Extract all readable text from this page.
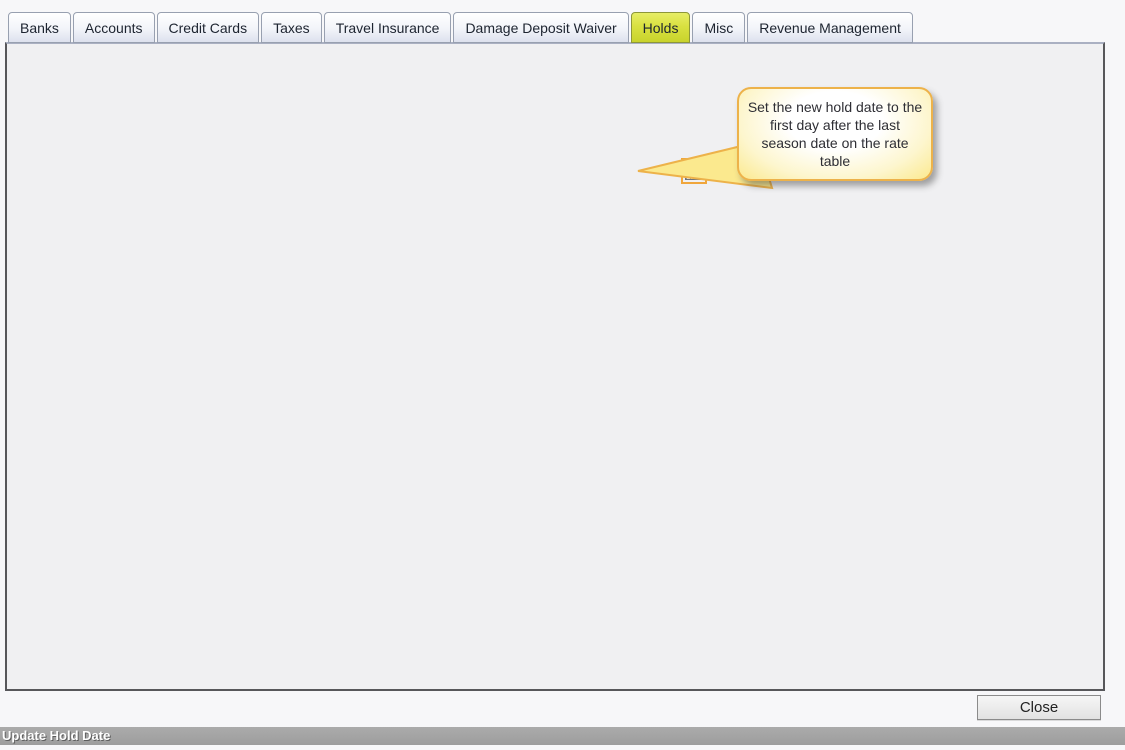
Banks	Accounts	Credit Cards	Taxes	Travel Insurance	Damage Deposit Waiver	Holds	Misc	Revenue Management
50.00
01/01/2015
Set the new hold date to the first day after the last season date on the rate table
Close
Update Hold Date
